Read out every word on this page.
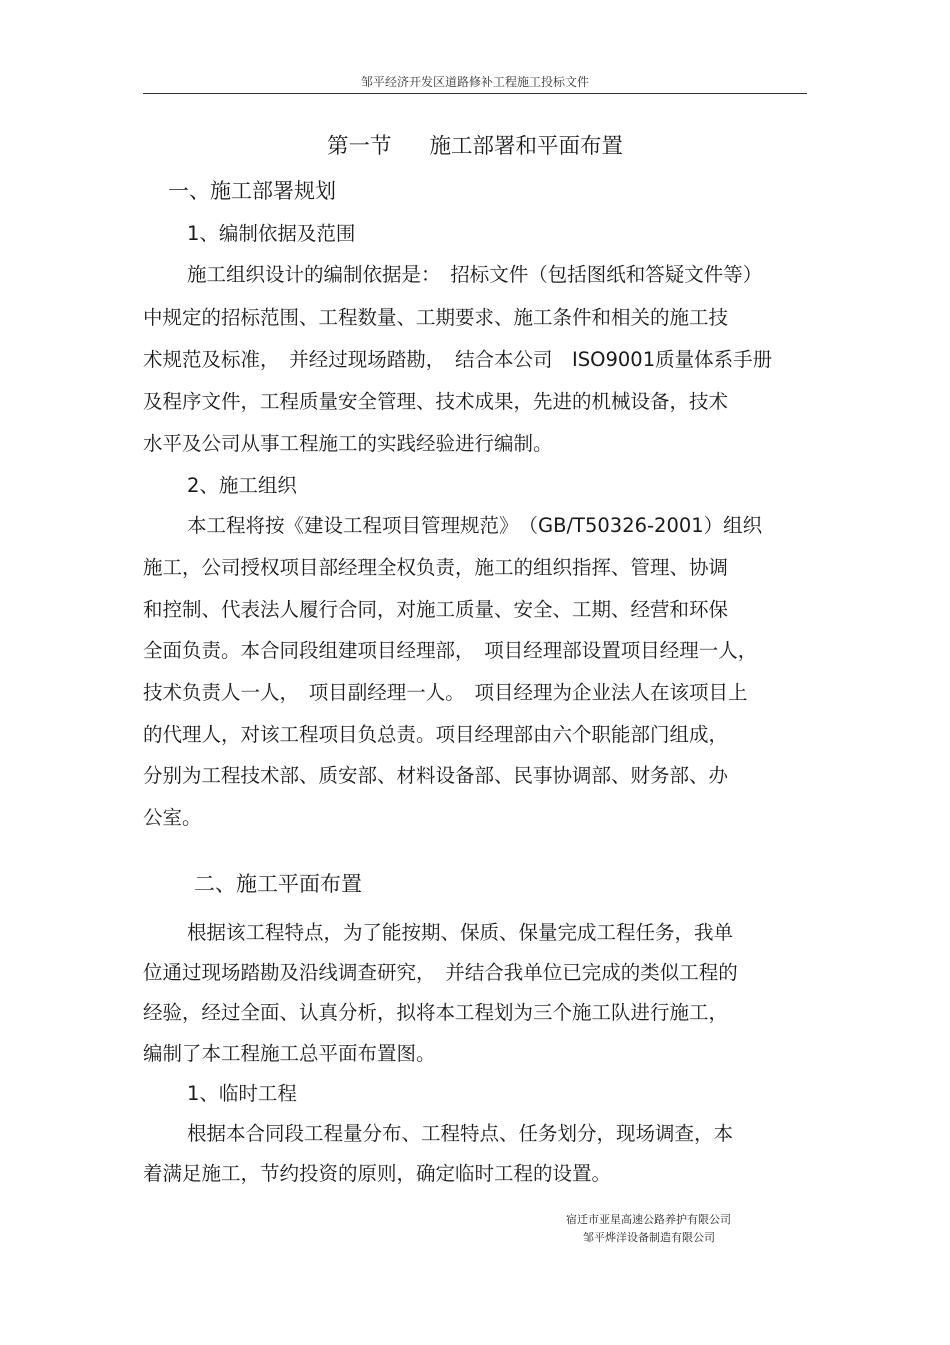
邹平经济开发区道路修补工程施工投标文件
第一节 施工部署和平面布置
一、施工部署规划
1、编制依据及范围
施工组织设计的编制依据是：　招标文件（包括图纸和答疑文件等）
中规定的招标范围、工程数量、工期要求、施工条件和相关的施工技
术规范及标准，　并经过现场踏勘，　结合本公司　ISO9001质量体系手册
及程序文件，工程质量安全管理、技术成果，先进的机械设备，技术
水平及公司从事工程施工的实践经验进行编制。
2、施工组织
本工程将按《建设工程项目管理规范》　（GB/T50326-2001）组织
施工，公司授权项目部经理全权负责，施工的组织指挥、管理、协调
和控制、代表法人履行合同，对施工质量、安全、工期、经营和环保
全面负责。本合同段组建项目经理部，　项目经理部设置项目经理一人，
技术负责人一人，　项目副经理一人。　项目经理为企业法人在该项目上
的代理人，对该工程项目负总责。项目经理部由六个职能部门组成，
分别为工程技术部、质安部、材料设备部、民事协调部、财务部、办
公室。
二、施工平面布置
根据该工程特点，为了能按期、保质、保量完成工程任务，我单
位通过现场踏勘及沿线调查研究，　并结合我单位已完成的类似工程的
经验，经过全面、认真分析，拟将本工程划为三个施工队进行施工，
编制了本工程施工总平面布置图。
1、临时工程
根据本合同段工程量分布、工程特点、任务划分，现场调查，本
着满足施工，节约投资的原则，确定临时工程的设置。
宿迁市亚星高速公路养护有限公司
邹平烨洋设备制造有限公司
